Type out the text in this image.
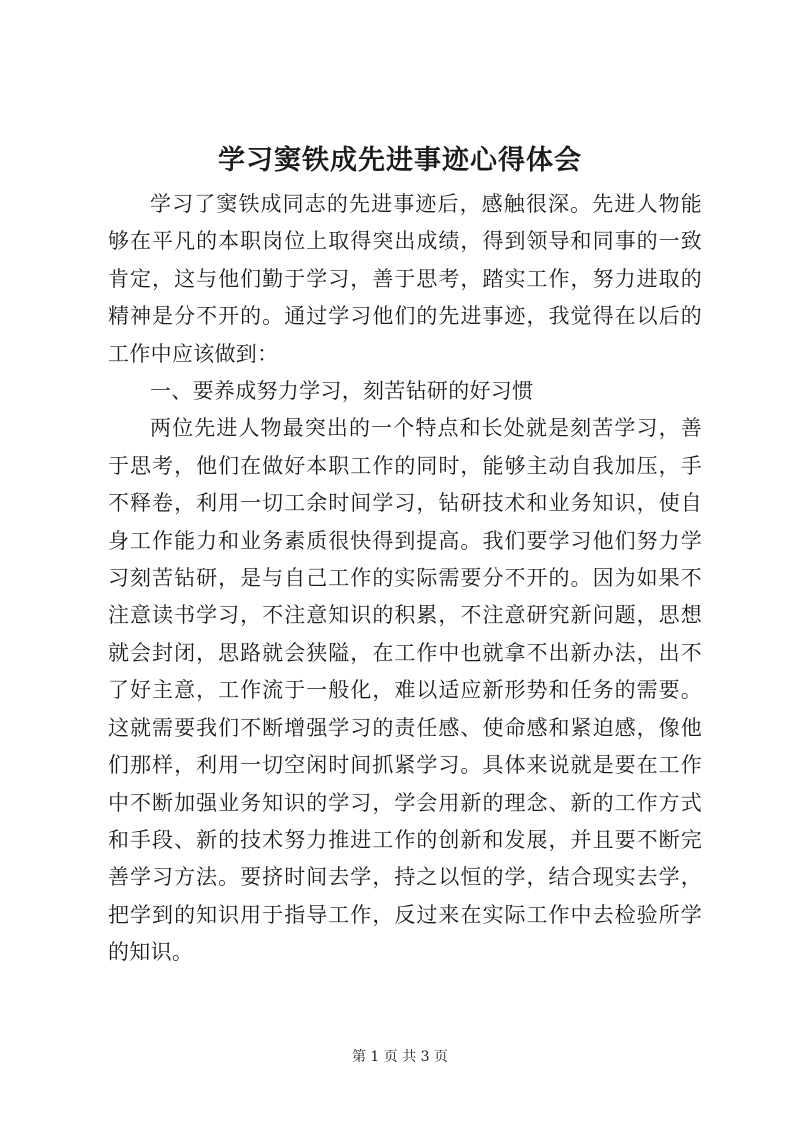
学习窦铁成先进事迹心得体会

学习了窦铁成同志的先进事迹后，感触很深。先进人物能够在平凡的本职岗位上取得突出成绩，得到领导和同事的一致肯定，这与他们勤于学习，善于思考，踏实工作，努力进取的精神是分不开的。通过学习他们的先进事迹，我觉得在以后的工作中应该做到：

一、要养成努力学习，刻苦钻研的好习惯

两位先进人物最突出的一个特点和长处就是刻苦学习，善于思考，他们在做好本职工作的同时，能够主动自我加压，手不释卷，利用一切工余时间学习，钻研技术和业务知识，使自身工作能力和业务素质很快得到提高。我们要学习他们努力学习刻苦钻研，是与自己工作的实际需要分不开的。因为如果不注意读书学习，不注意知识的积累，不注意研究新问题，思想就会封闭，思路就会狭隘，在工作中也就拿不出新办法，出不了好主意，工作流于一般化，难以适应新形势和任务的需要。这就需要我们不断增强学习的责任感、使命感和紧迫感，像他们那样，利用一切空闲时间抓紧学习。具体来说就是要在工作中不断加强业务知识的学习，学会用新的理念、新的工作方式和手段、新的技术努力推进工作的创新和发展，并且要不断完善学习方法。要挤时间去学，持之以恒的学，结合现实去学，把学到的知识用于指导工作，反过来在实际工作中去检验所学的知识。

第 1 页 共 3 页
